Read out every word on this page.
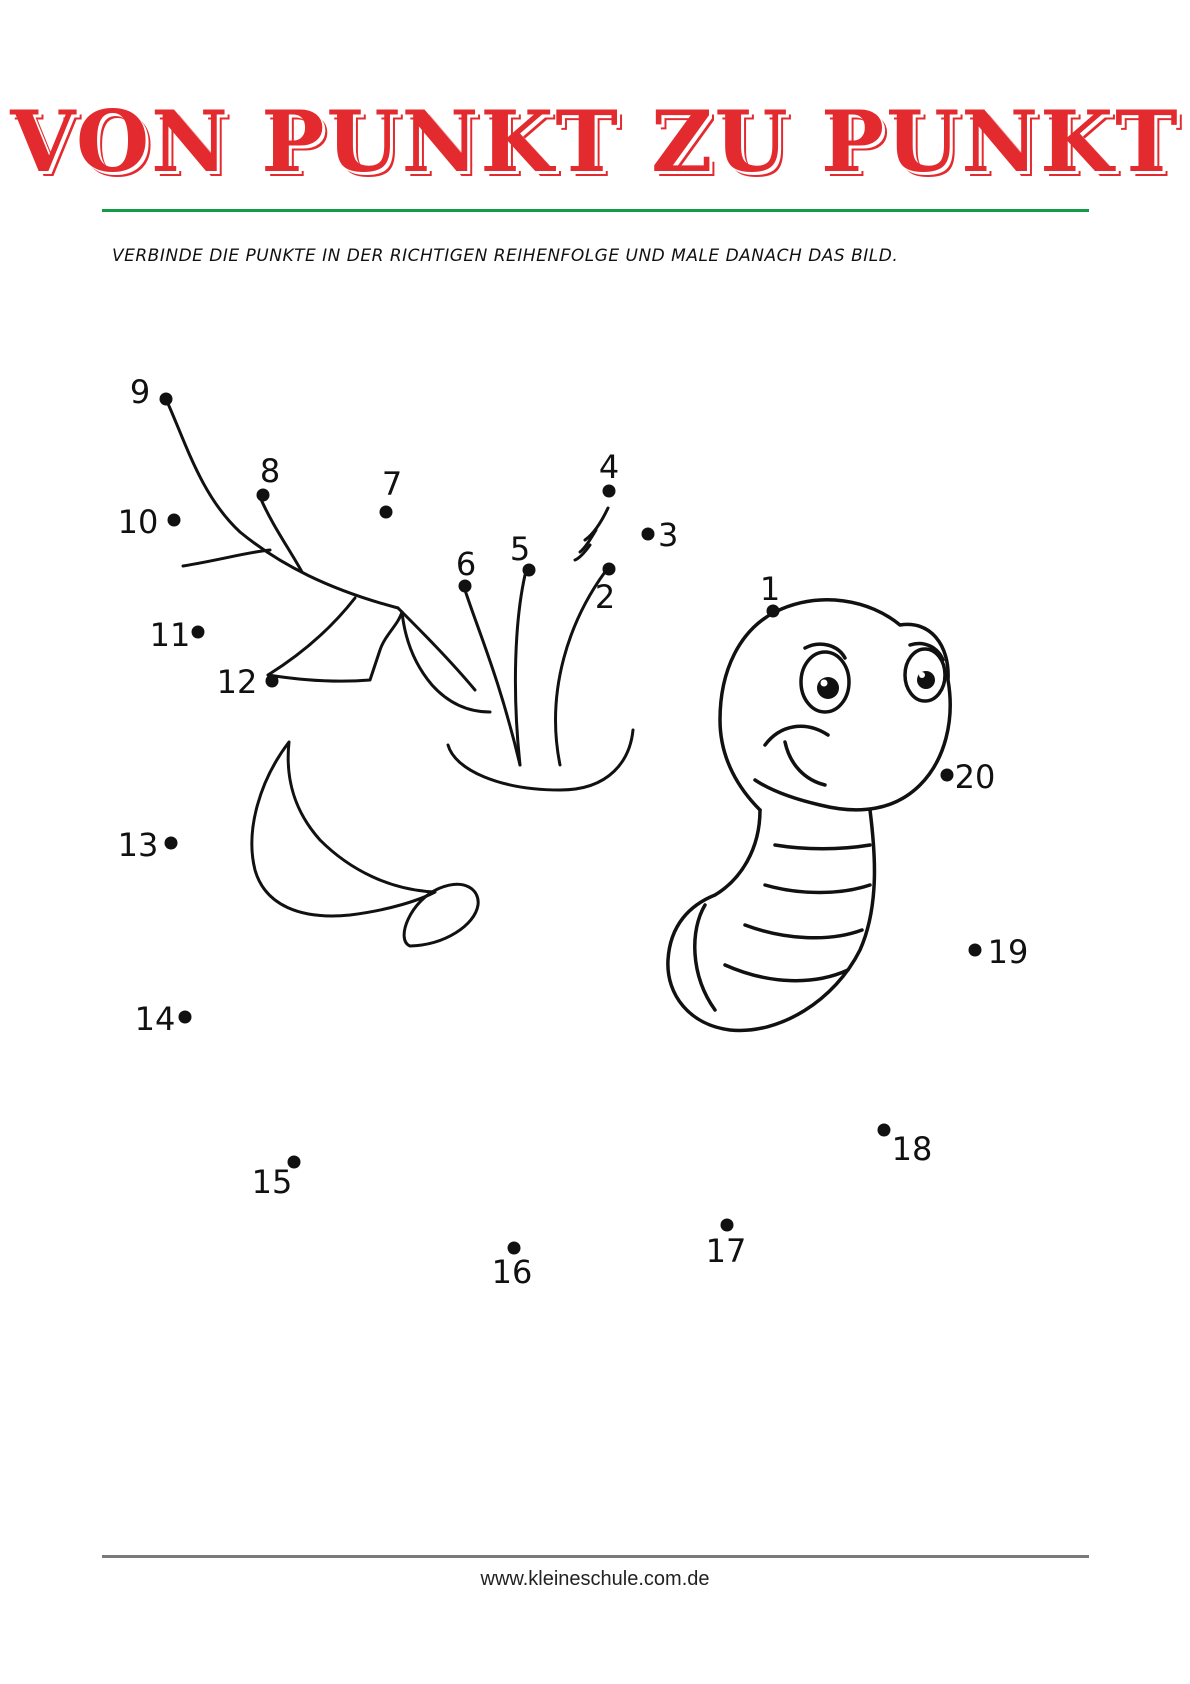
VON PUNKT ZU PUNKT
VERBINDE DIE PUNKTE IN DER RICHTIGEN REIHENFOLGE UND MALE DANACH DAS BILD.
1
2
3
4
5
6
7
8
9
10
11
12
13
14
15
16
17
18
19
20
www.kleineschule.com.de
